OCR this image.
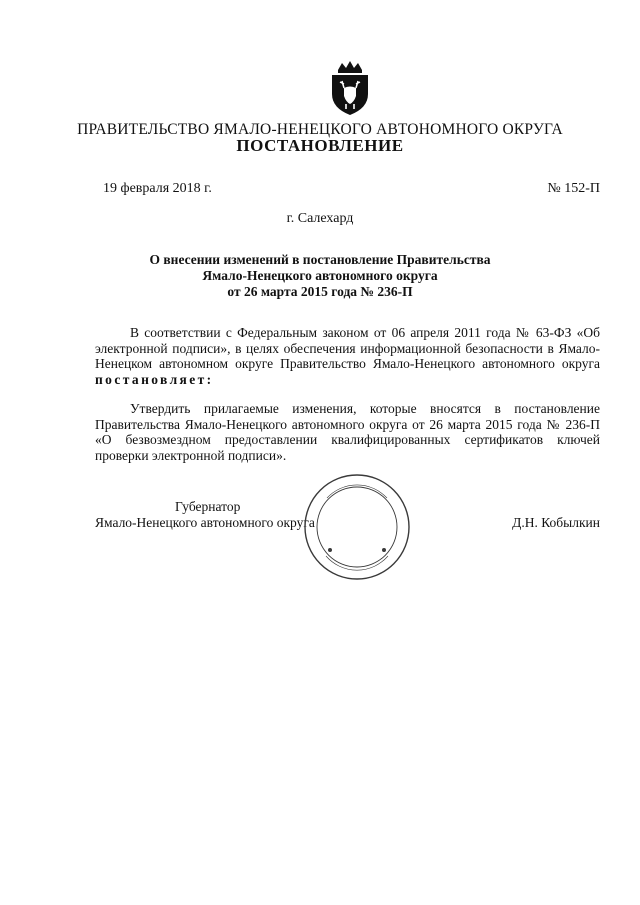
ПРАВИТЕЛЬСТВО ЯМАЛО-НЕНЕЦКОГО АВТОНОМНОГО ОКРУГА
ПОСТАНОВЛЕНИЕ
19 февраля 2018 г.	№ 152-П
г. Салехард
О внесении изменений в постановление Правительства
Ямало-Ненецкого автономного округа
от 26 марта 2015 года № 236-П

В соответствии с Федеральным законом от 06 апреля 2011 года № 63-ФЗ «Об электронной подписи», в целях обеспечения информационной безопасности в Ямало-Ненецком автономном округе Правительство Ямало-Ненецкого автономного округа постановляет:

Утвердить прилагаемые изменения, которые вносятся в постановление Правительства Ямало-Ненецкого автономного округа от 26 марта 2015 года № 236-П «О безвозмездном предоставлении квалифицированных сертификатов ключей проверки электронной подписи».

Губернатор
Ямало-Ненецкого автономного округа	Д.Н. Кобылкин
